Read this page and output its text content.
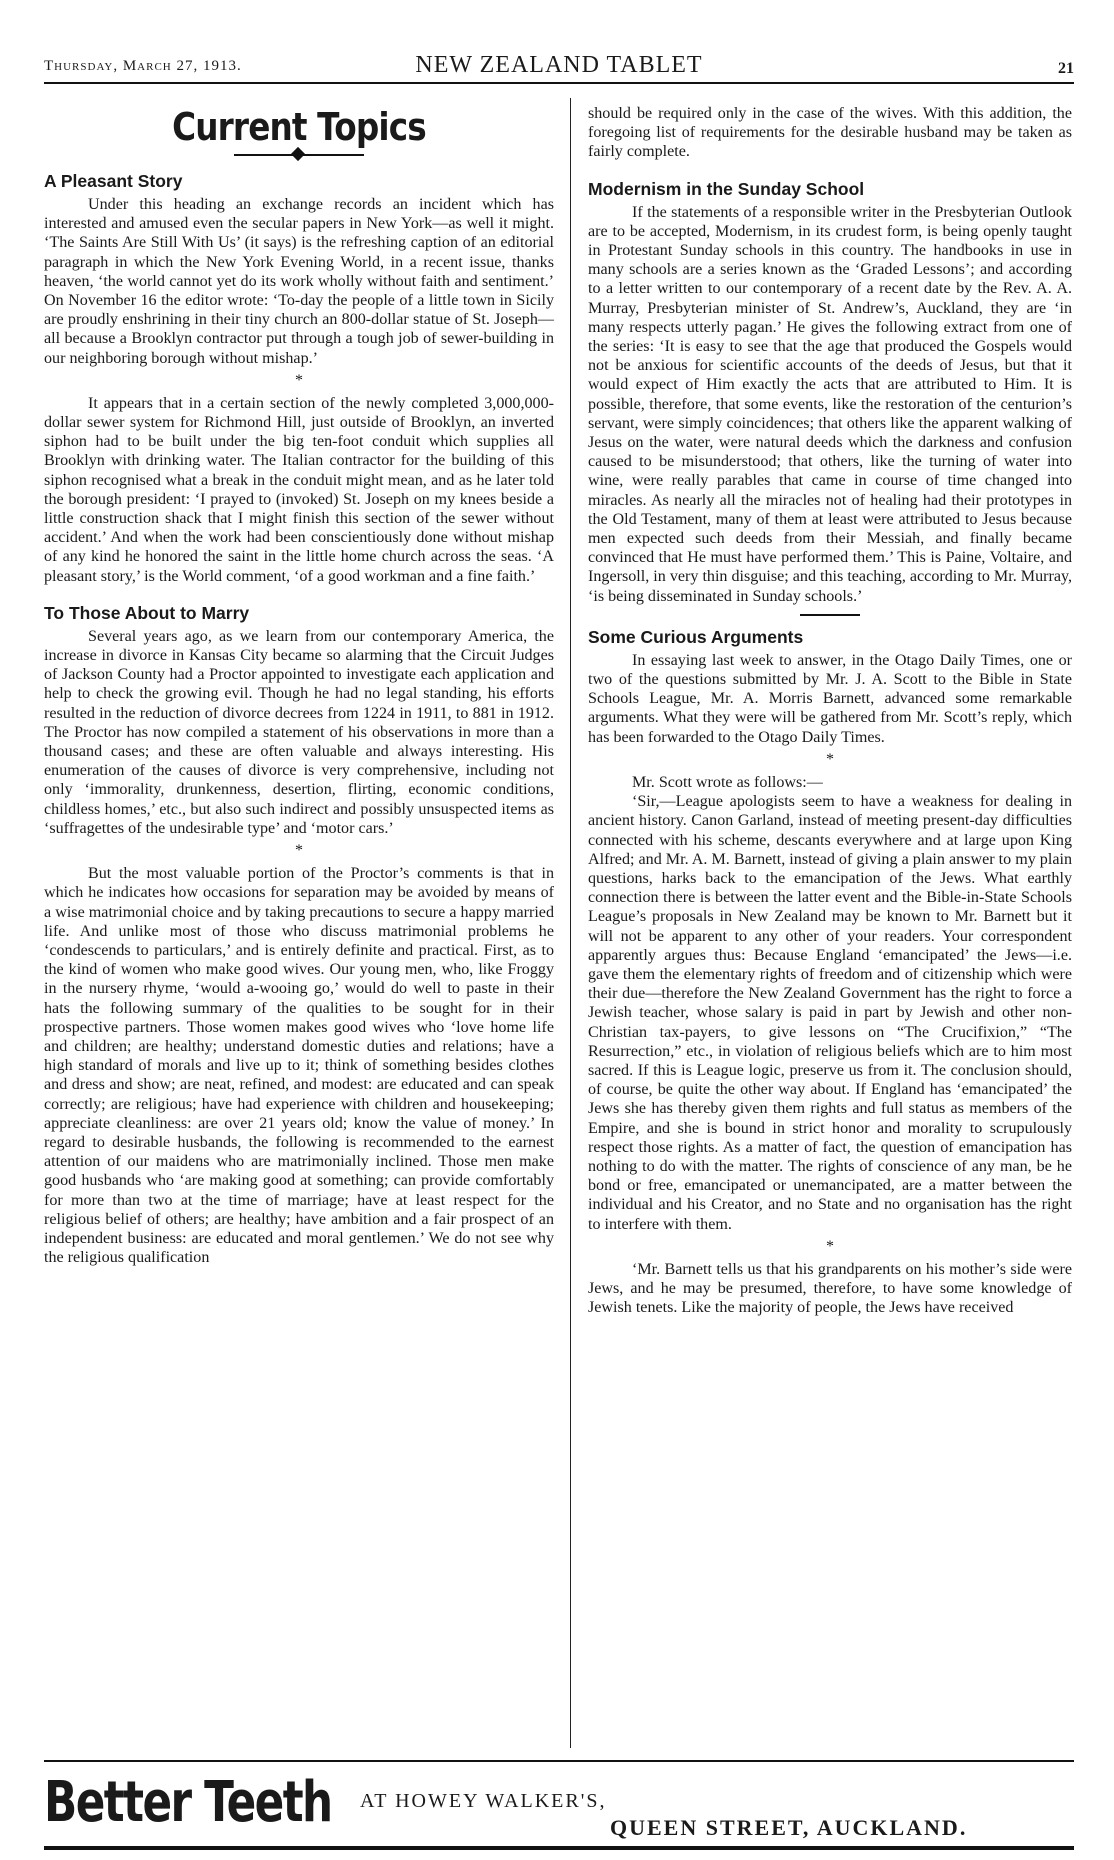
Thursday, March 27, 1913.	NEW ZEALAND TABLET	21
Current Topics
A Pleasant Story

Under this heading an exchange records an incident which has interested and amused even the secular papers in New York—as well it might. ‘The Saints Are Still With Us’ (it says) is the refreshing caption of an editorial paragraph in which the New York Evening World, in a recent issue, thanks heaven, ‘the world cannot yet do its work wholly without faith and sentiment.’ On November 16 the editor wrote: ‘To-day the people of a little town in Sicily are proudly enshrining in their tiny church an 800-dollar statue of St. Joseph—all because a Brooklyn contractor put through a tough job of sewer-building in our neighboring borough without mishap.’

*

It appears that in a certain section of the newly completed 3,000,000-dollar sewer system for Richmond Hill, just outside of Brooklyn, an inverted siphon had to be built under the big ten-foot conduit which supplies all Brooklyn with drinking water. The Italian contractor for the building of this siphon recognised what a break in the conduit might mean, and as he later told the borough president: ‘I prayed to (invoked) St. Joseph on my knees beside a little construction shack that I might finish this section of the sewer without accident.’ And when the work had been conscientiously done without mishap of any kind he honored the saint in the little home church across the seas. ‘A pleasant story,’ is the World comment, ‘of a good workman and a fine faith.’

To Those About to Marry

Several years ago, as we learn from our contemporary America, the increase in divorce in Kansas City became so alarming that the Circuit Judges of Jackson County had a Proctor appointed to investigate each application and help to check the growing evil. Though he had no legal standing, his efforts resulted in the reduction of divorce decrees from 1224 in 1911, to 881 in 1912. The Proctor has now compiled a statement of his observations in more than a thousand cases; and these are often valuable and always interesting. His enumeration of the causes of divorce is very comprehensive, including not only ‘immorality, drunkenness, desertion, flirting, economic conditions, childless homes,’ etc., but also such indirect and possibly unsuspected items as ‘suffragettes of the undesirable type’ and ‘motor cars.’

*

But the most valuable portion of the Proctor’s comments is that in which he indicates how occasions for separation may be avoided by means of a wise matrimonial choice and by taking precautions to secure a happy married life. And unlike most of those who discuss matrimonial problems he ‘condescends to particulars,’ and is entirely definite and practical. First, as to the kind of women who make good wives. Our young men, who, like Froggy in the nursery rhyme, ‘would a-wooing go,’ would do well to paste in their hats the following summary of the qualities to be sought for in their prospective partners. Those women makes good wives who ‘love home life and children; are healthy; understand domestic duties and relations; have a high standard of morals and live up to it; think of something besides clothes and dress and show; are neat, refined, and modest: are educated and can speak correctly; are religious; have had experience with children and housekeeping; appreciate cleanliness: are over 21 years old; know the value of money.’ In regard to desirable husbands, the following is recommended to the earnest attention of our maidens who are matrimonially inclined. Those men make good husbands who ‘are making good at something; can provide comfortably for more than two at the time of marriage; have at least respect for the religious belief of others; are healthy; have ambition and a fair prospect of an independent business: are educated and moral gentlemen.’ We do not see why the religious qualification

should be required only in the case of the wives. With this addition, the foregoing list of requirements for the desirable husband may be taken as fairly complete.

Modernism in the Sunday School

If the statements of a responsible writer in the Presbyterian Outlook are to be accepted, Modernism, in its crudest form, is being openly taught in Protestant Sunday schools in this country. The handbooks in use in many schools are a series known as the ‘Graded Lessons’; and according to a letter written to our contemporary of a recent date by the Rev. A. A. Murray, Presbyterian minister of St. Andrew’s, Auckland, they are ‘in many respects utterly pagan.’ He gives the following extract from one of the series: ‘It is easy to see that the age that produced the Gospels would not be anxious for scientific accounts of the deeds of Jesus, but that it would expect of Him exactly the acts that are attributed to Him. It is possible, therefore, that some events, like the restoration of the centurion’s servant, were simply coincidences; that others like the apparent walking of Jesus on the water, were natural deeds which the darkness and confusion caused to be misunderstood; that others, like the turning of water into wine, were really parables that came in course of time changed into miracles. As nearly all the miracles not of healing had their prototypes in the Old Testament, many of them at least were attributed to Jesus because men expected such deeds from their Messiah, and finally became convinced that He must have performed them.’ This is Paine, Voltaire, and Ingersoll, in very thin disguise; and this teaching, according to Mr. Murray, ‘is being disseminated in Sunday schools.’

Some Curious Arguments

In essaying last week to answer, in the Otago Daily Times, one or two of the questions submitted by Mr. J. A. Scott to the Bible in State Schools League, Mr. A. Morris Barnett, advanced some remarkable arguments. What they were will be gathered from Mr. Scott’s reply, which has been forwarded to the Otago Daily Times.

*

Mr. Scott wrote as follows:—

‘Sir,—League apologists seem to have a weakness for dealing in ancient history. Canon Garland, instead of meeting present-day difficulties connected with his scheme, descants everywhere and at large upon King Alfred; and Mr. A. M. Barnett, instead of giving a plain answer to my plain questions, harks back to the emancipation of the Jews. What earthly connection there is between the latter event and the Bible-in-State Schools League’s proposals in New Zealand may be known to Mr. Barnett but it will not be apparent to any other of your readers. Your correspondent apparently argues thus: Because England ‘emancipated’ the Jews—i.e. gave them the elementary rights of freedom and of citizenship which were their due—therefore the New Zealand Government has the right to force a Jewish teacher, whose salary is paid in part by Jewish and other non-Christian tax-payers, to give lessons on “The Crucifixion,” “The Resurrection,” etc., in violation of religious beliefs which are to him most sacred. If this is League logic, preserve us from it. The conclusion should, of course, be quite the other way about. If England has ‘emancipated’ the Jews she has thereby given them rights and full status as members of the Empire, and she is bound in strict honor and morality to scrupulously respect those rights. As a matter of fact, the question of emancipation has nothing to do with the matter. The rights of conscience of any man, be he bond or free, emancipated or unemancipated, are a matter between the individual and his Creator, and no State and no organisation has the right to interfere with them.

*

‘Mr. Barnett tells us that his grandparents on his mother’s side were Jews, and he may be presumed, therefore, to have some knowledge of Jewish tenets. Like the majority of people, the Jews have received

Better Teeth AT HOWEY WALKER'S,
QUEEN STREET, AUCKLAND.
